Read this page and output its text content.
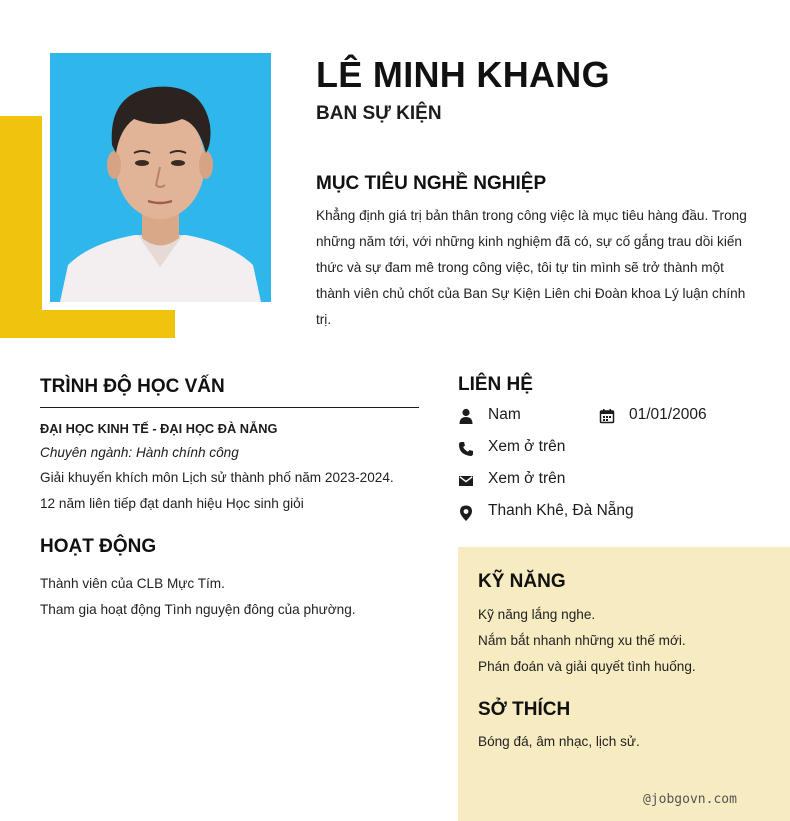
LÊ MINH KHANG
BAN SỰ KIỆN
MỤC TIÊU NGHỀ NGHIỆP
Khẳng định giá trị bản thân trong công việc là mục tiêu hàng đầu. Trong những năm tới, với những kinh nghiệm đã có, sự cố gắng trau dồi kiến thức và sự đam mê trong công việc, tôi tự tin mình sẽ trở thành một thành viên chủ chốt của Ban Sự Kiện Liên chi Đoàn khoa Lý luận chính trị.
TRÌNH ĐỘ HỌC VẤN
ĐẠI HỌC KINH TẾ - ĐẠI HỌC ĐÀ NẴNG
Chuyên ngành: Hành chính công
Giải khuyến khích môn Lịch sử thành phố năm 2023-2024.
12 năm liên tiếp đạt danh hiệu Học sinh giỏi
HOẠT ĐỘNG
Thành viên của CLB Mực Tím.
Tham gia hoạt động Tình nguyện đông của phường.
LIÊN HỆ
Nam	01/01/2006
Xem ở trên
Xem ở trên
Thanh Khê, Đà Nẵng
KỸ NĂNG
Kỹ năng lắng nghe.
Nắm bắt nhanh những xu thế mới.
Phán đoán và giải quyết tình huống.
SỞ THÍCH
Bóng đá, âm nhạc, lịch sử.
@jobgovn.com
